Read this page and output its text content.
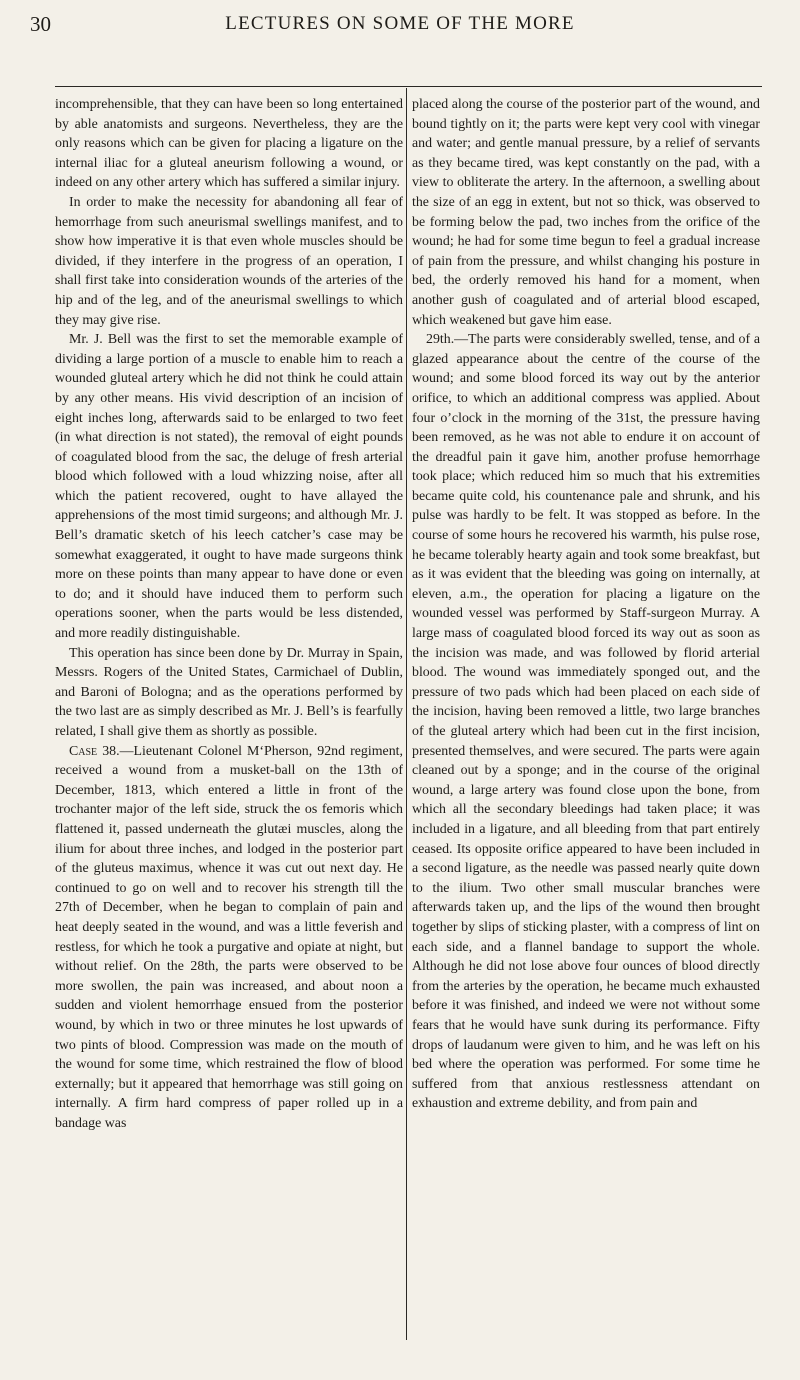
30	LECTURES ON SOME OF THE MORE

incomprehensible, that they can have been so long entertained by able anatomists and surgeons. Nevertheless, they are the only reasons which can be given for placing a ligature on the internal iliac for a gluteal aneurism following a wound, or indeed on any other artery which has suffered a similar injury.

In order to make the necessity for abandoning all fear of hemorrhage from such aneurismal swellings manifest, and to show how imperative it is that even whole muscles should be divided, if they interfere in the progress of an operation, I shall first take into consideration wounds of the arteries of the hip and of the leg, and of the aneurismal swellings to which they may give rise.

Mr. J. Bell was the first to set the memorable example of dividing a large portion of a muscle to enable him to reach a wounded gluteal artery which he did not think he could attain by any other means. His vivid description of an incision of eight inches long, afterwards said to be enlarged to two feet (in what direction is not stated), the removal of eight pounds of coagulated blood from the sac, the deluge of fresh arterial blood which followed with a loud whizzing noise, after all which the patient recovered, ought to have allayed the apprehensions of the most timid surgeons; and although Mr. J. Bell’s dramatic sketch of his leech catcher’s case may be somewhat exaggerated, it ought to have made surgeons think more on these points than many appear to have done or even to do; and it should have induced them to perform such operations sooner, when the parts would be less distended, and more readily distinguishable.

This operation has since been done by Dr. Murray in Spain, Messrs. Rogers of the United States, Carmichael of Dublin, and Baroni of Bologna; and as the operations performed by the two last are as simply described as Mr. J. Bell’s is fearfully related, I shall give them as shortly as possible.

Case 38.—Lieutenant Colonel M‘Pherson, 92nd regiment, received a wound from a musket-ball on the 13th of December, 1813, which entered a little in front of the trochanter major of the left side, struck the os femoris which flattened it, passed underneath the glutæi muscles, along the ilium for about three inches, and lodged in the posterior part of the gluteus maximus, whence it was cut out next day. He continued to go on well and to recover his strength till the 27th of December, when he began to complain of pain and heat deeply seated in the wound, and was a little feverish and restless, for which he took a purgative and opiate at night, but without relief. On the 28th, the parts were observed to be more swollen, the pain was increased, and about noon a sudden and violent hemorrhage ensued from the posterior wound, by which in two or three minutes he lost upwards of two pints of blood. Compression was made on the mouth of the wound for some time, which restrained the flow of blood externally; but it appeared that hemorrhage was still going on internally. A firm hard compress of paper rolled up in a bandage was

placed along the course of the posterior part of the wound, and bound tightly on it; the parts were kept very cool with vinegar and water; and gentle manual pressure, by a relief of servants as they became tired, was kept constantly on the pad, with a view to obliterate the artery. In the afternoon, a swelling about the size of an egg in extent, but not so thick, was observed to be forming below the pad, two inches from the orifice of the wound; he had for some time begun to feel a gradual increase of pain from the pressure, and whilst changing his posture in bed, the orderly removed his hand for a moment, when another gush of coagulated and of arterial blood escaped, which weakened but gave him ease.

29th.—The parts were considerably swelled, tense, and of a glazed appearance about the centre of the course of the wound; and some blood forced its way out by the anterior orifice, to which an additional compress was applied. About four o’clock in the morning of the 31st, the pressure having been removed, as he was not able to endure it on account of the dreadful pain it gave him, another profuse hemorrhage took place; which reduced him so much that his extremities became quite cold, his countenance pale and shrunk, and his pulse was hardly to be felt. It was stopped as before. In the course of some hours he recovered his warmth, his pulse rose, he became tolerably hearty again and took some breakfast, but as it was evident that the bleeding was going on internally, at eleven, a.m., the operation for placing a ligature on the wounded vessel was performed by Staff-surgeon Murray. A large mass of coagulated blood forced its way out as soon as the incision was made, and was followed by florid arterial blood. The wound was immediately sponged out, and the pressure of two pads which had been placed on each side of the incision, having been removed a little, two large branches of the gluteal artery which had been cut in the first incision, presented themselves, and were secured. The parts were again cleaned out by a sponge; and in the course of the original wound, a large artery was found close upon the bone, from which all the secondary bleedings had taken place; it was included in a ligature, and all bleeding from that part entirely ceased. Its opposite orifice appeared to have been included in a second ligature, as the needle was passed nearly quite down to the ilium. Two other small muscular branches were afterwards taken up, and the lips of the wound then brought together by slips of sticking plaster, with a compress of lint on each side, and a flannel bandage to support the whole. Although he did not lose above four ounces of blood directly from the arteries by the operation, he became much exhausted before it was finished, and indeed we were not without some fears that he would have sunk during its performance. Fifty drops of laudanum were given to him, and he was left on his bed where the operation was performed. For some time he suffered from that anxious restlessness attendant on exhaustion and extreme debility, and from pain and
